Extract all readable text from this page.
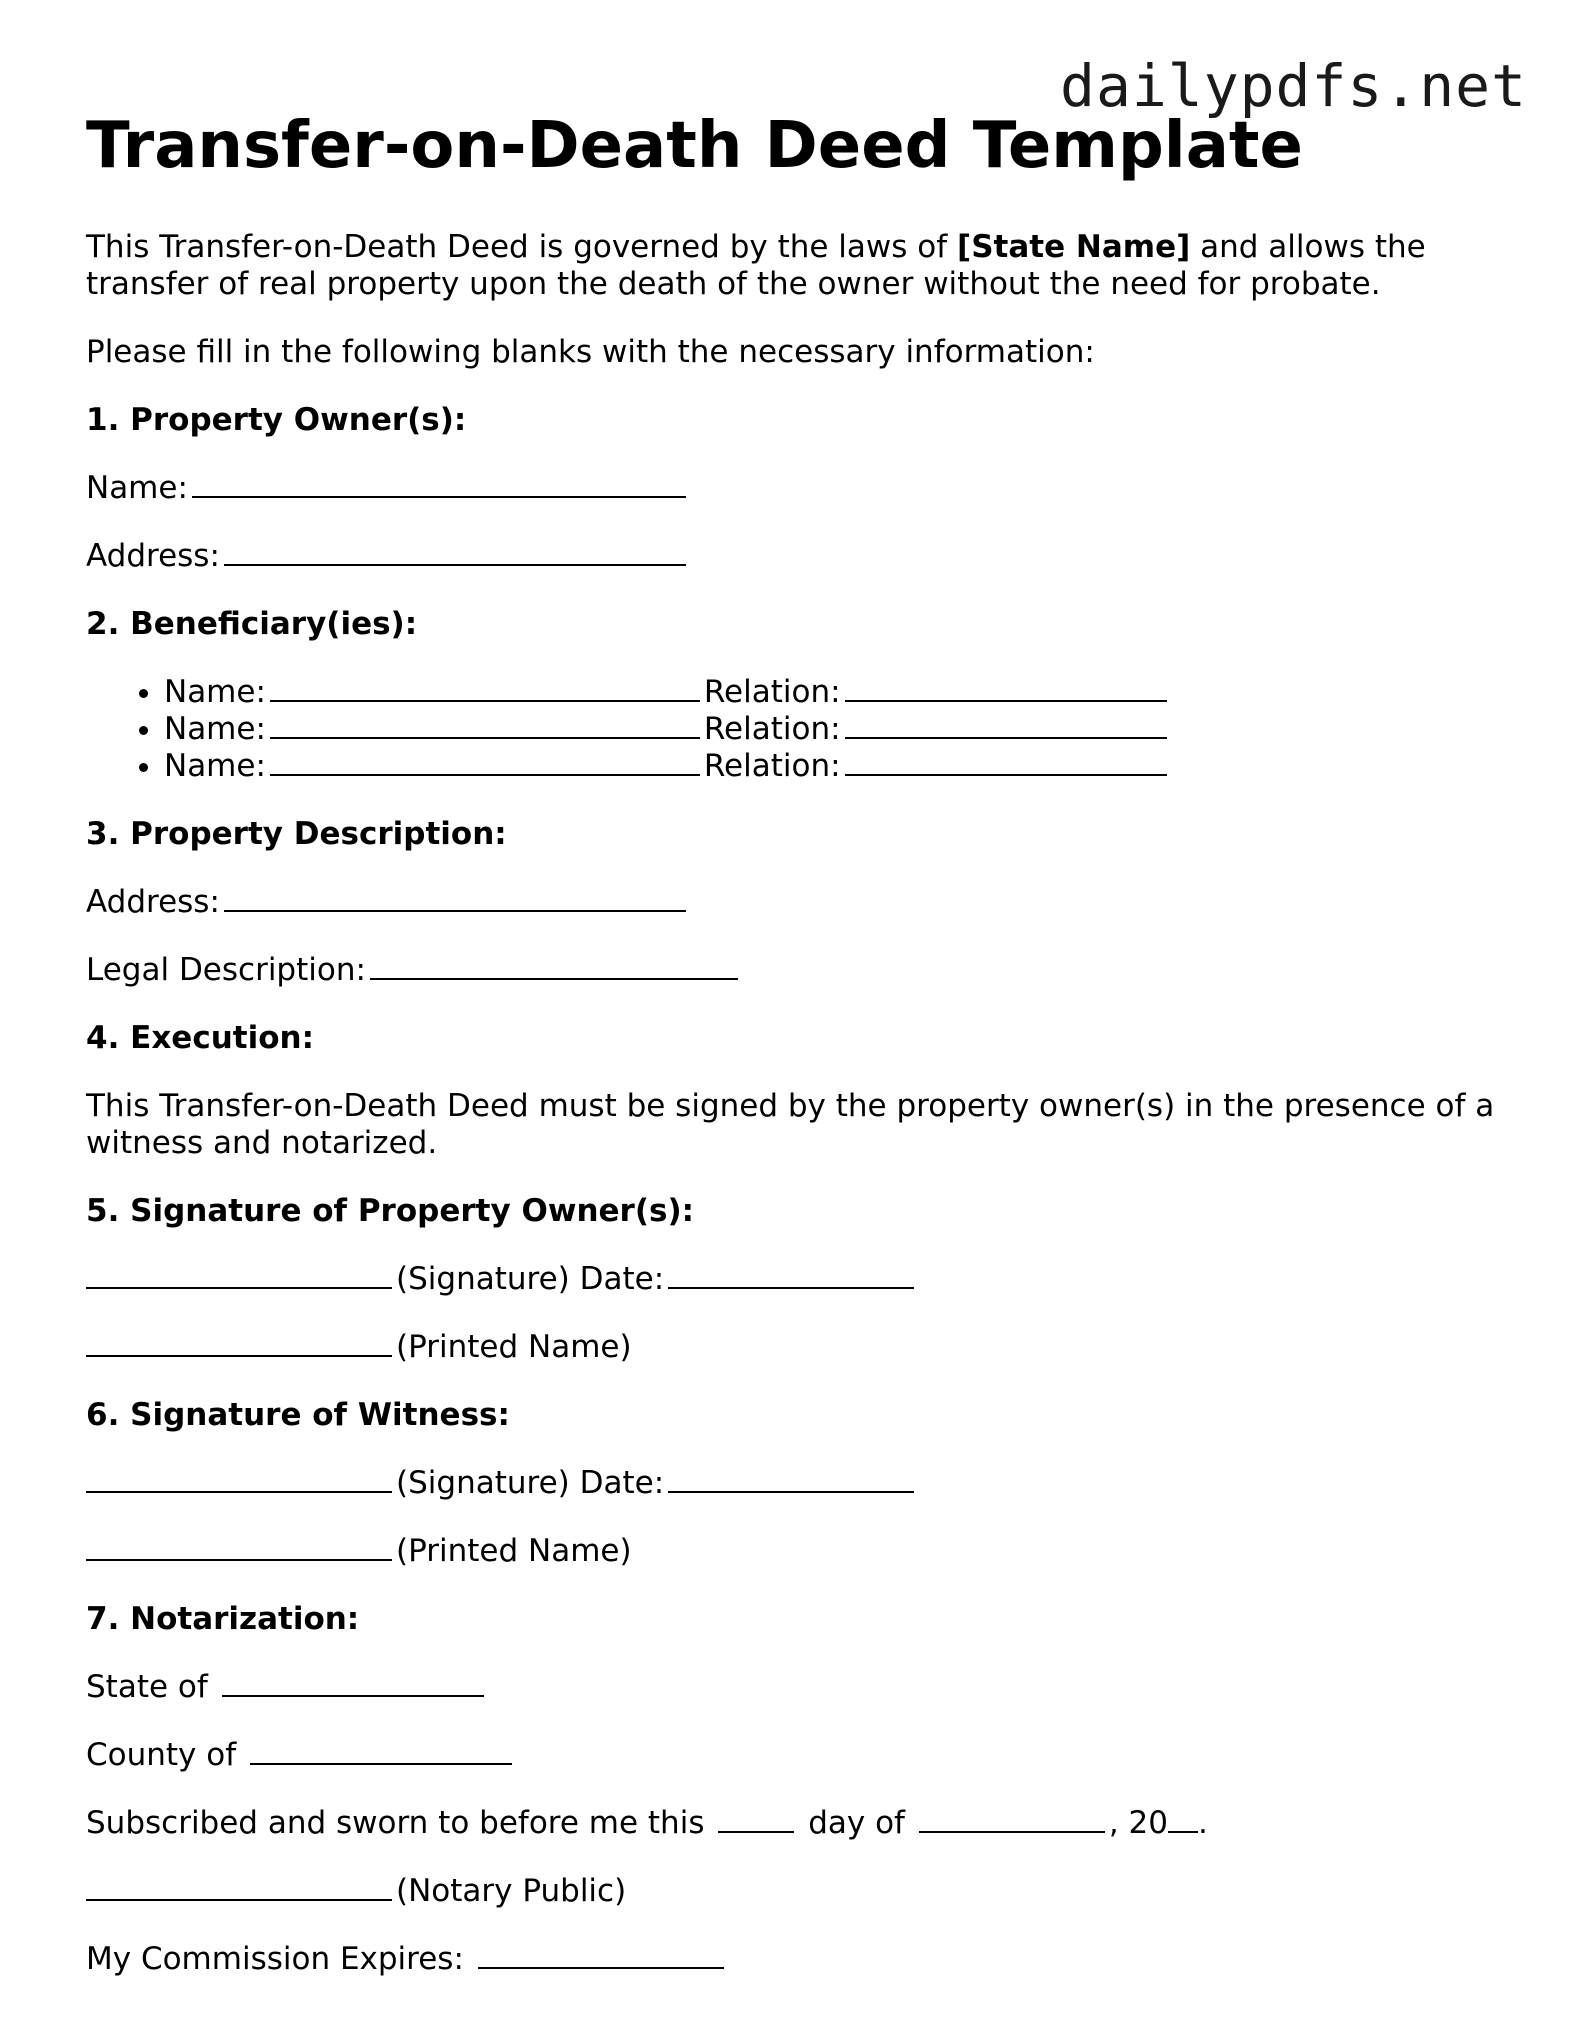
dailypdfs.net
Transfer-on-Death Deed Template

This Transfer-on-Death Deed is governed by the laws of [State Name] and allows the transfer of real property upon the death of the owner without the need for probate.

Please fill in the following blanks with the necessary information:

1. Property Owner(s):

Name:

Address:

2. Beneficiary(ies):

• Name:	Relation:
• Name:	Relation:
• Name:	Relation:

3. Property Description:

Address:

Legal Description:

4. Execution:

This Transfer-on-Death Deed must be signed by the property owner(s) in the presence of a witness and notarized.

5. Signature of Property Owner(s):

(Signature) Date:

(Printed Name)

6. Signature of Witness:

(Signature) Date:

(Printed Name)

7. Notarization:

State of

County of

Subscribed and sworn to before me this	day of	, 20 .

(Notary Public)

My Commission Expires:
